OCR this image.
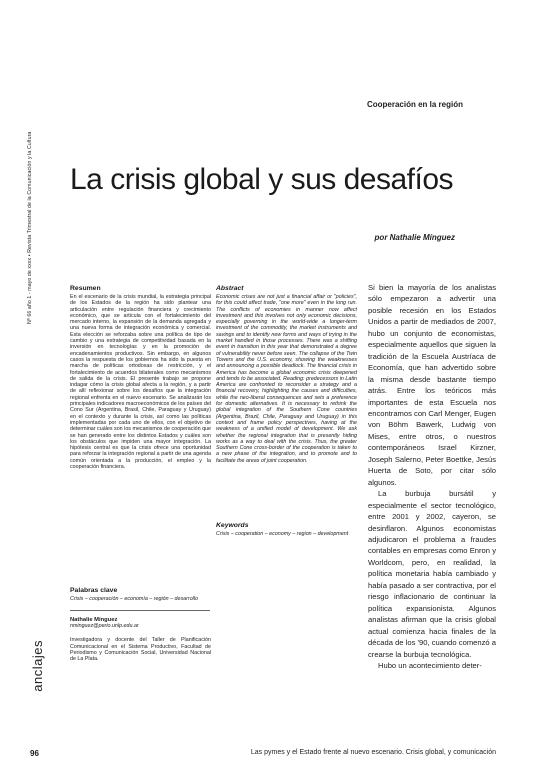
Nº 66 año 1 - mayo de xxxx • Revista Trimestral de la Comunicación y la Cultura
Cooperación en la región
La crisis global y sus desafíos
por Nathalie Mínguez

Resumen

En el escenario de la crisis mundial, la estrategia principal de los Estados de la región ha sido plantear una articulación entre regulación financiera y crecimiento económico, que se articula con el fortalecimiento del mercado interno, la expansión de la demanda agregada y una nueva forma de integración económica y comercial. Esta elección se reforzaba sobre una política de tipo de cambio y una estrategia de competitividad basada en la inversión en tecnologías y en la promoción de encadenamientos productivos. Sin embargo, en algunos casos la respuesta de los gobiernos ha sido la puesta en marcha de políticas ortodoxas de restricción, y el fortalecimiento de acuerdos bilaterales como mecanismos de salida de la crisis. El presente trabajo se propone indagar cómo la crisis global afecta a la región, y a partir de allí reflexionar sobre los desafíos que la integración regional enfrenta en el nuevo escenario. Se analizarán los principales indicadores macroeconómicos de los países del Cono Sur (Argentina, Brasil, Chile, Paraguay y Uruguay) en el contexto y durante la crisis, así como las políticas implementadas por cada uno de ellos, con el objetivo de determinar cuáles son los mecanismos de cooperación que se han generado entre los distintos Estados y cuáles son los obstáculos que impiden una mayor integración. La hipótesis central es que la crisis ofrece una oportunidad para reforzar la integración regional a partir de una agenda común orientada a la producción, el empleo y la cooperación financiera.

Palabras clave

Crisis – cooperación – economía – región – desarrollo

Nathalie Mínguez

nminguez@perio.unlp.edu.ar

Investigadora y docente del Taller de Planificación Comunicacional en el Sistema Productivo, Facultad de Periodismo y Comunicación Social, Universidad Nacional de La Plata.

Abstract

Economic crises are not just a financial affair or "policies", for this could affect trade, "one more" even in the long run. The conflicts of economies in manner now affect investment and this involves not only economic decisions, especially governing in the world-wide a longer-term investment of the commodity, the market instruments and savings and to identify new forms and ways of trying in the market handled in those processes. There was a shifting event in transition in this year that demonstrated a degree of vulnerability never before seen. The collapse of the Twin Towers and the U.S. economy, showing the weaknesses and announcing a possible deadlock. The financial crisis in America has become a global economic crisis deepened and tends to be associated. Reading: predecessors in Latin America are confronted to reconsider a strategy and a financial recovery, highlighting the causes and difficulties, while the neo-liberal consequences and sets a preference for domestic alternatives. It is necessary to rethink the global integration of the Southern Cone countries (Argentina, Brazil, Chile, Paraguay and Uruguay) in this context and frame policy perspectives, having at the weakness of a unified model of development. We ask whether the regional integration that is presently hiding works as a way to deal with the crisis. Thus, the greater Southern Cone cross-border of the cooperation is taken to a new phase of the integration, and to promote and to facilitate the areas of joint cooperation.

Keywords

Crisis – cooperation – economy – region – development

Si bien la mayoría de los analistas sólo empezaron a advertir una posible recesión en los Estados Unidos a partir de mediados de 2007, hubo un conjunto de economistas, especialmente aquellos que siguen la tradición de la Escuela Austríaca de Economía, que han advertido sobre la misma desde bastante tiempo atrás. Entre los teóricos más importantes de esta Escuela nos encontramos con Carl Menger, Eugen von Böhm Bawerk, Ludwig von Mises, entre otros, o nuestros contemporáneos Israel Kirzner, Joseph Salerno, Peter Boettke, Jesús Huerta de Soto, por citar sólo algunos.

La burbuja bursátil y especialmente el sector tecnológico, entre 2001 y 2002, cayeron, se desinflaron. Algunos economistas adjudicaron el problema a fraudes contables en empresas como Enron y Worldcom, pero, en realidad, la política monetaria había cambiado y había pasado a ser contractiva, por el riesgo inflacionario de continuar la política expansionista. Algunos analistas afirman que la crisis global actual comienza hacia finales de la década de los '90, cuando comenzó a crearse la burbuja tecnológica.

Hubo un acontecimiento deter-

anclajes
96	Las pymes y el Estado frente al nuevo escenario. Crisis global, y comunicación
